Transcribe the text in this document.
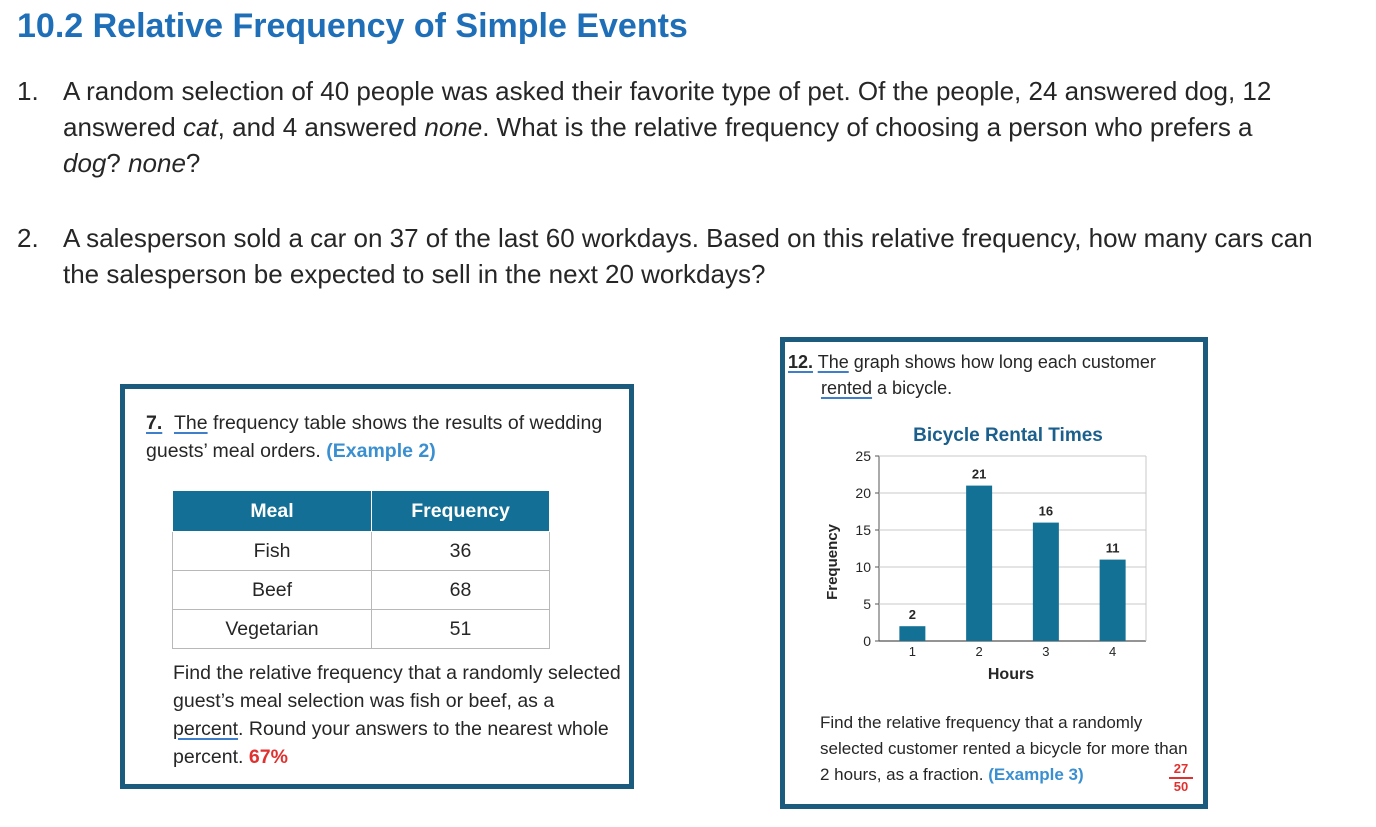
10.2 Relative Frequency of Simple Events
1. A random selection of 40 people was asked their favorite type of pet. Of the people, 24 answered dog, 12 answered cat, and 4 answered none. What is the relative frequency of choosing a person who prefers a dog? none?
2. A salesperson sold a car on 37 of the last 60 workdays. Based on this relative frequency, how many cars can the salesperson be expected to sell in the next 20 workdays?
7. The frequency table shows the results of wedding guests’ meal orders. (Example 2)
Meal	Frequency
Fish	36
Beef	68
Vegetarian	51
Find the relative frequency that a randomly selected guest’s meal selection was fish or beef, as a percent. Round your answers to the nearest whole percent. 67%
12. The graph shows how long each customer
rented a bicycle.
Bicycle Rental Times
Frequency
Hours
0
5
10
15
20
25
2
21
16
11
1	2	3	4
Find the relative frequency that a randomly selected customer rented a bicycle for more than 2 hours, as a fraction. (Example 3)	27
50
